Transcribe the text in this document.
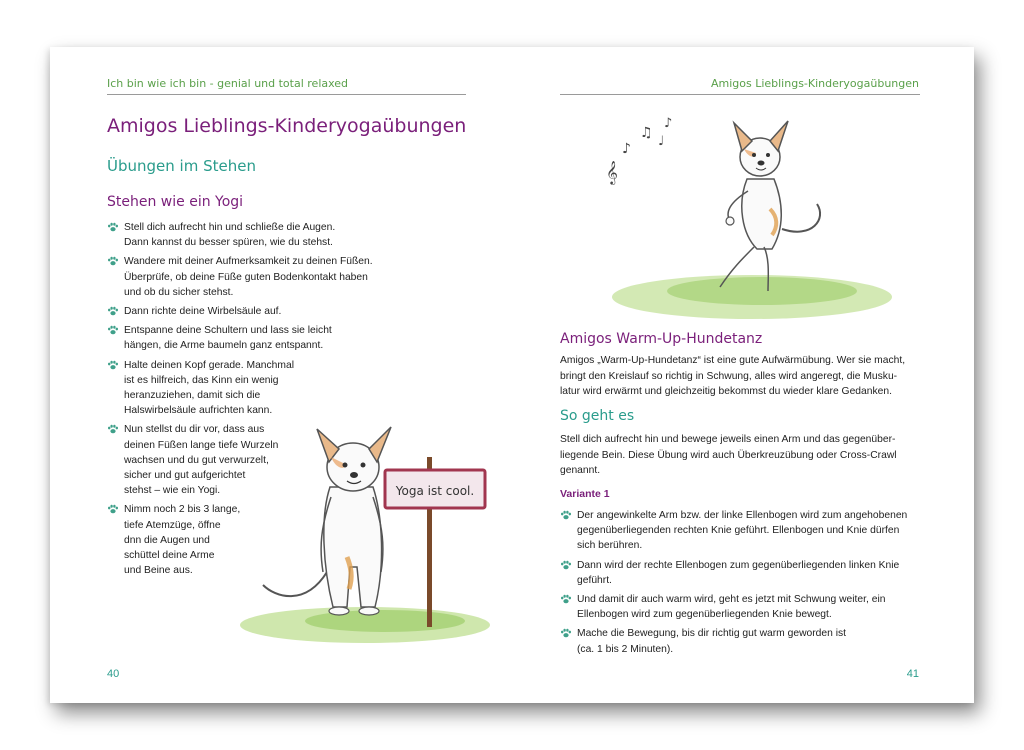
Ich bin wie ich bin - genial und total relaxed
Amigos Lieblings-Kinderyogaübungen
Übungen im Stehen
Stehen wie ein Yogi
Stell dich aufrecht hin und schließe die Augen.
Dann kannst du besser spüren, wie du stehst.
Wandere mit deiner Aufmerksamkeit zu deinen Füßen.
Überprüfe, ob deine Füße guten Bodenkontakt haben
und ob du sicher stehst.
Dann richte deine Wirbelsäule auf.
Entspanne deine Schultern und lass sie leicht
hängen, die Arme baumeln ganz entspannt.
Halte deinen Kopf gerade. Manchmal
ist es hilfreich, das Kinn ein wenig
heranzuziehen, damit sich die
Halswirbelsäule aufrichten kann.
Nun stellst du dir vor, dass aus
deinen Füßen lange tiefe Wurzeln
wachsen und du gut verwurzelt,
sicher und gut aufgerichtet
stehst – wie ein Yogi.
Nimm noch 2 bis 3 lange,
tiefe Atemzüge, öffne
dnn die Augen und
schüttel deine Arme
und Beine aus.
Yoga ist cool.
40
Amigos Lieblings-Kinderyogaübungen
𝄞
♪
♫
♩
♪
Amigos Warm-Up-Hundetanz

Amigos „Warm-Up-Hundetanz“ ist eine gute Aufwärmübung. Wer sie macht,
bringt den Kreislauf so richtig in Schwung, alles wird angeregt, die Musku-
latur wird erwärmt und gleichzeitig bekommst du wieder klare Gedanken.

So geht es

Stell dich aufrecht hin und bewege jeweils einen Arm und das gegenüber-
liegende Bein. Diese Übung wird auch Überkreuzübung oder Cross-Crawl
genannt.

Variante 1
Der angewinkelte Arm bzw. der linke Ellenbogen wird zum angehobenen
gegenüberliegenden rechten Knie geführt. Ellenbogen und Knie dürfen
sich berühren.
Dann wird der rechte Ellenbogen zum gegenüberliegenden linken Knie
geführt.
Und damit dir auch warm wird, geht es jetzt mit Schwung weiter, ein
Ellenbogen wird zum gegenüberliegenden Knie bewegt.
Mache die Bewegung, bis dir richtig gut warm geworden ist
(ca. 1 bis 2 Minuten).
41
